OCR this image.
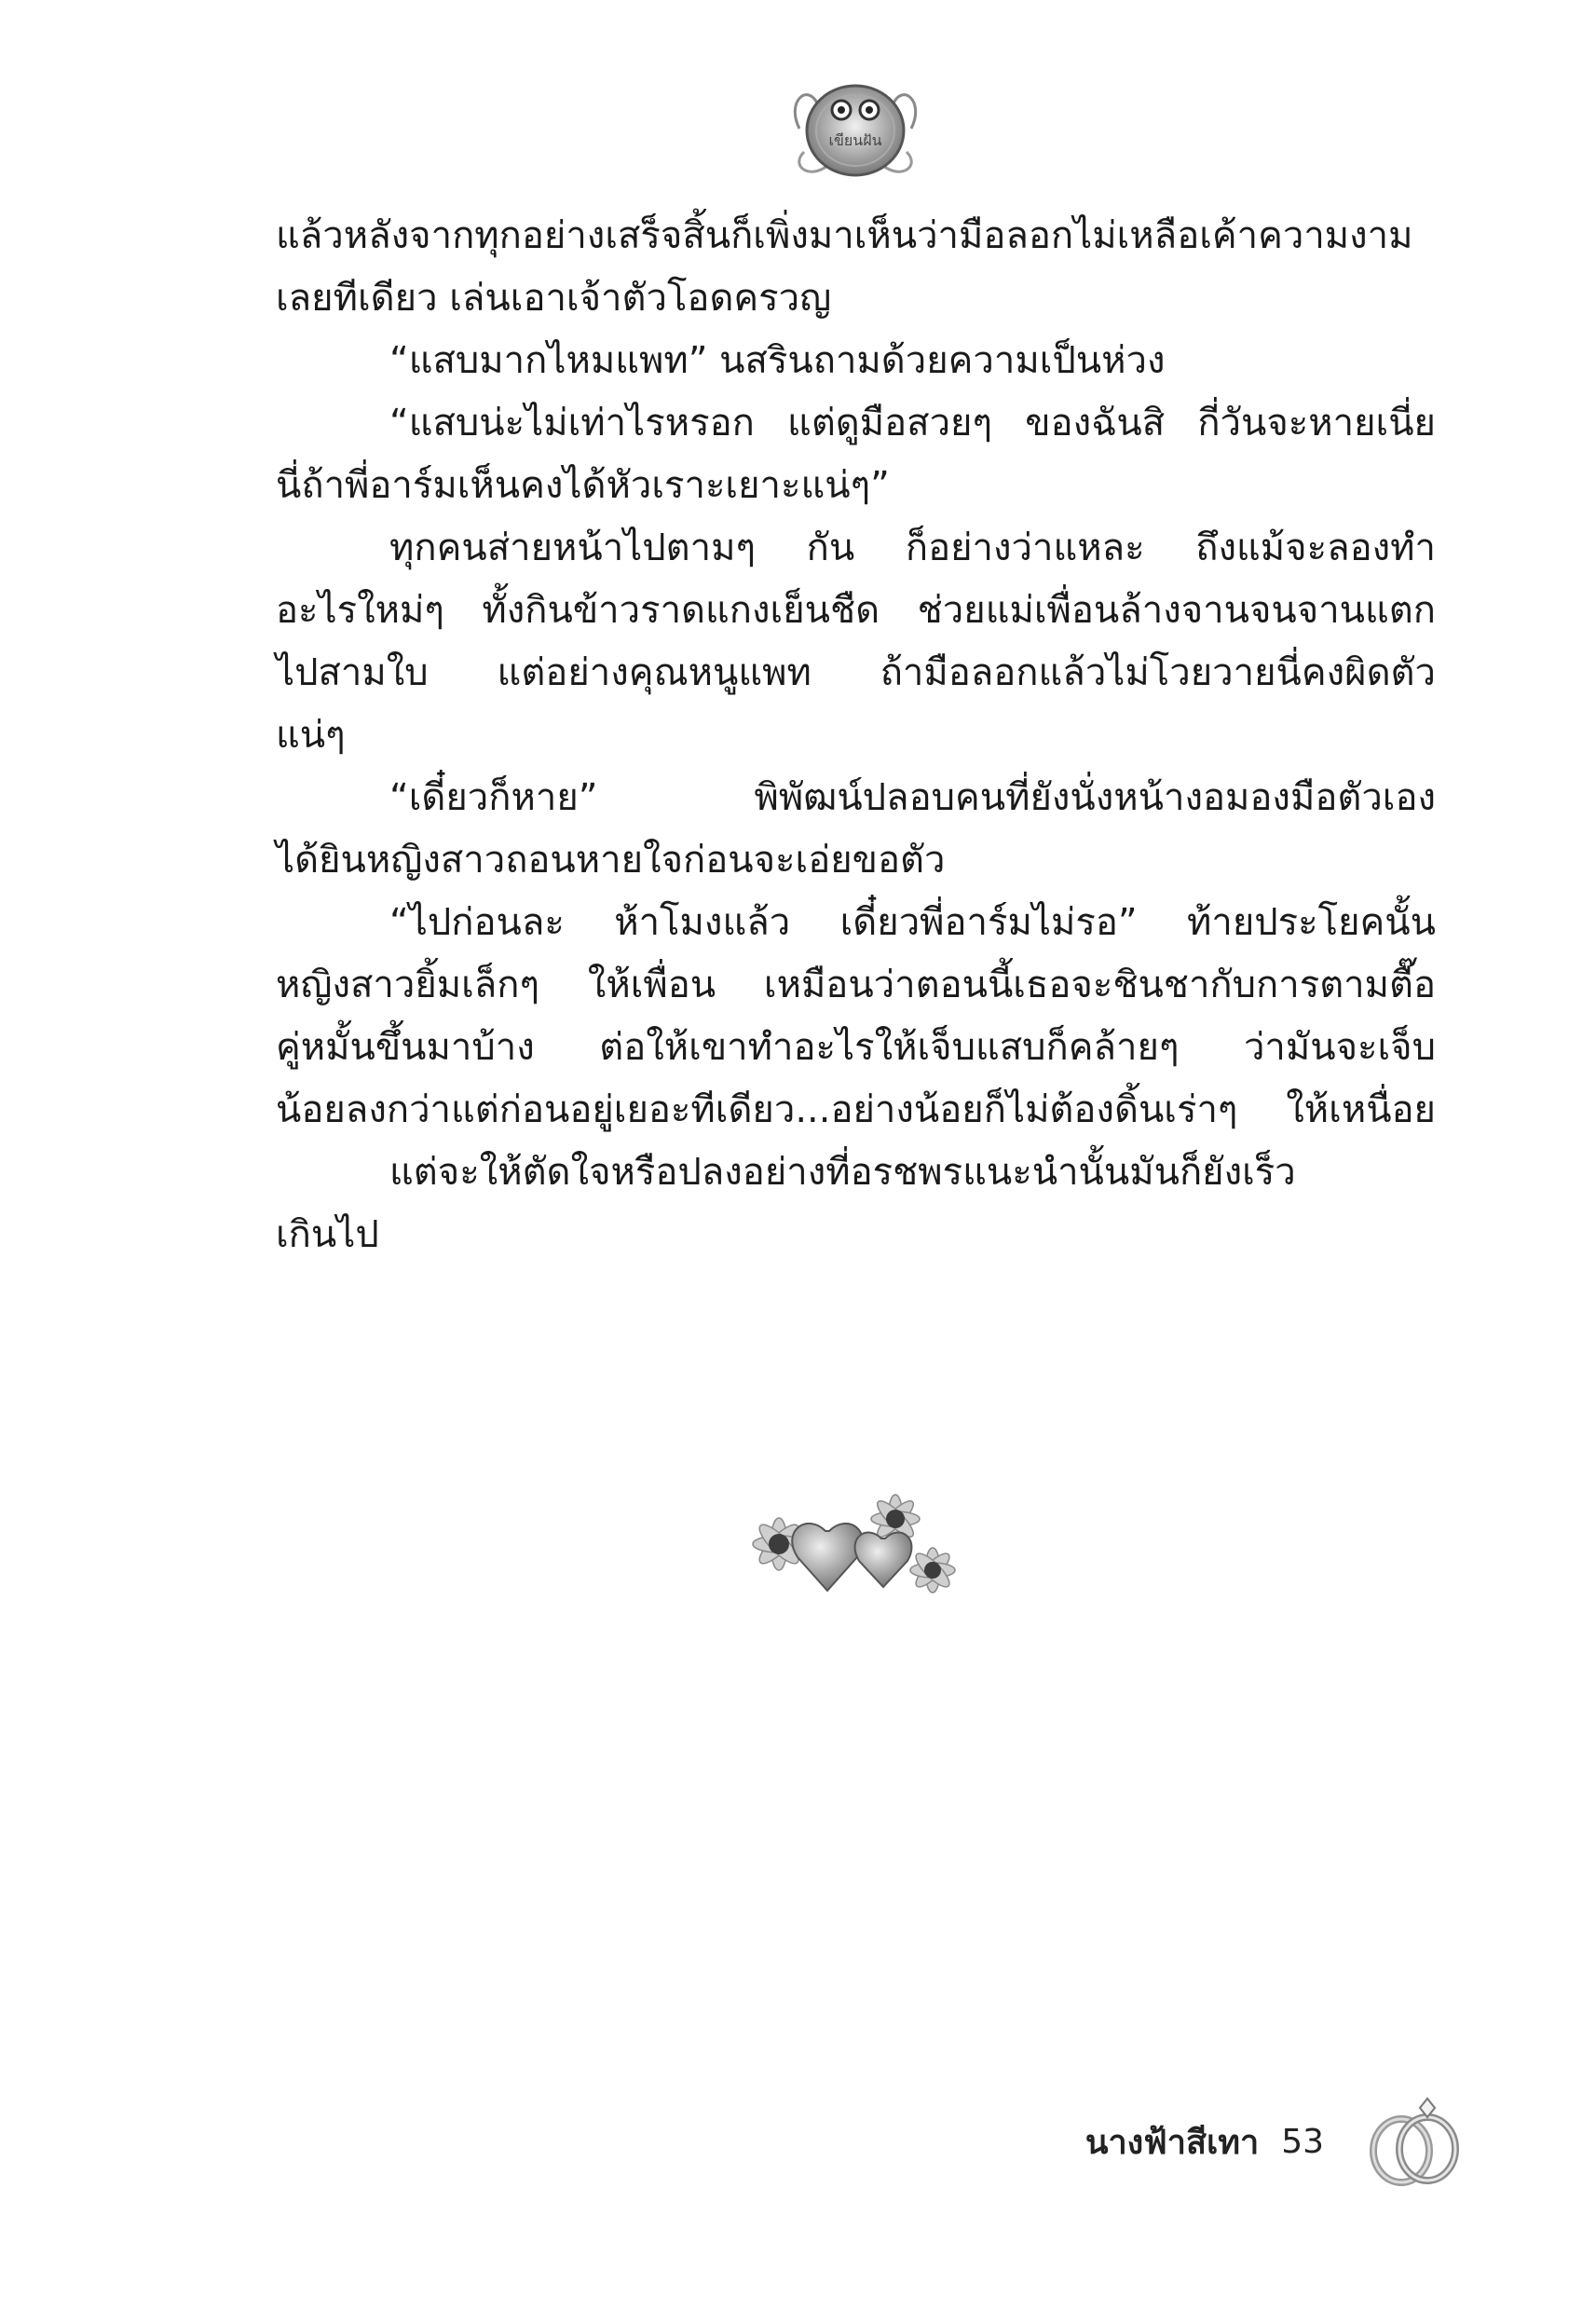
เขียนฝัน
แล้วหลังจากทุกอย่างเสร็จสิ้นก็เพิ่งมาเห็นว่ามือลอกไม่เหลือเค้าความงาม
เลยทีเดียว เล่นเอาเจ้าตัวโอดครวญ
“แสบมากไหมแพท” นสรินถามด้วยความเป็นห่วง
“แสบน่ะไม่เท่าไรหรอก แต่ดูมือสวยๆ ของฉันสิ กี่วันจะหายเนี่ย
นี่ถ้าพี่อาร์มเห็นคงได้หัวเราะเยาะแน่ๆ”
ทุกคนส่ายหน้าไปตามๆ กัน ก็อย่างว่าแหละ ถึงแม้จะลองทำ
อะไรใหม่ๆ ทั้งกินข้าวราดแกงเย็นชืด ช่วยแม่เพื่อนล้างจานจนจานแตก
ไปสามใบ แต่อย่างคุณหนูแพท ถ้ามือลอกแล้วไม่โวยวายนี่คงผิดตัว
แน่ๆ
“เดี๋ยวก็หาย” พิพัฒน์ปลอบคนที่ยังนั่งหน้างอมองมือตัวเอง
ได้ยินหญิงสาวถอนหายใจก่อนจะเอ่ยขอตัว
“ไปก่อนละ ห้าโมงแล้ว เดี๋ยวพี่อาร์มไม่รอ” ท้ายประโยคนั้น
หญิงสาวยิ้มเล็กๆ ให้เพื่อน เหมือนว่าตอนนี้เธอจะชินชากับการตามตื๊อ
คู่หมั้นขึ้นมาบ้าง ต่อให้เขาทำอะไรให้เจ็บแสบก็คล้ายๆ ว่ามันจะเจ็บ
น้อยลงกว่าแต่ก่อนอยู่เยอะทีเดียว...อย่างน้อยก็ไม่ต้องดิ้นเร่าๆ ให้เหนื่อย
แต่จะให้ตัดใจหรือปลงอย่างที่อรชพรแนะนำนั้นมันก็ยังเร็ว
เกินไป
นางฟ้าสีเทา 53
